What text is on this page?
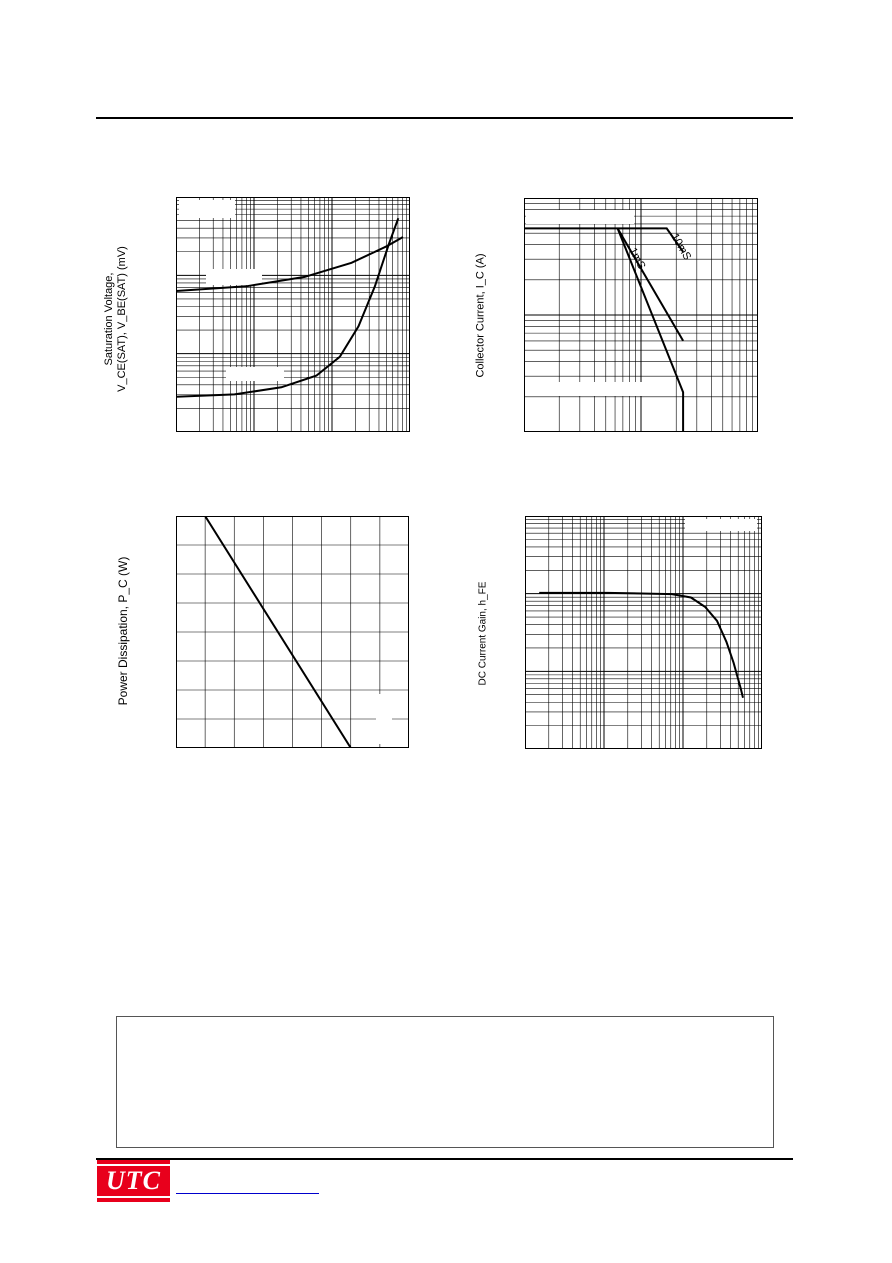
Saturation Voltage, V_CE(SAT), V_BE(SAT) (mV)	10mS
1mS
Collector Current, I_C (A)
Power Dissipation, P_C (W)	DC Current Gain, h_FE
UTC
